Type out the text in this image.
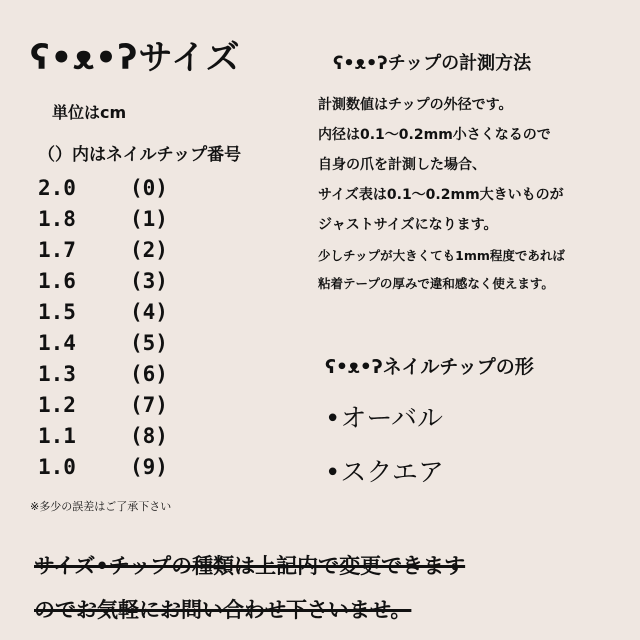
ʕ•ᴥ•ʔサイズ
単位はcm
（）内はネイルチップ番号
2.0	(0)
1.8	(1)
1.7	(2)
1.6	(3)
1.5	(4)
1.4	(5)
1.3	(6)
1.2	(7)
1.1	(8)
1.0	(9)
※多少の誤差はご了承下さい
ʕ•ᴥ•ʔチップの計測方法
計測数値はチップの外径です。
内径は0.1〜0.2mm小さくなるので
自身の爪を計測した場合、
サイズ表は0.1〜0.2mm大きいものが
ジャストサイズになります。
少しチップが大きくても1mm程度であれば
粘着テープの厚みで違和感なく使えます。
ʕ•ᴥ•ʔネイルチップの形
•オーバル
•スクエア
サイズ•チップの種類は上記内で変更できます
のでお気軽にお問い合わせ下さいませ。
